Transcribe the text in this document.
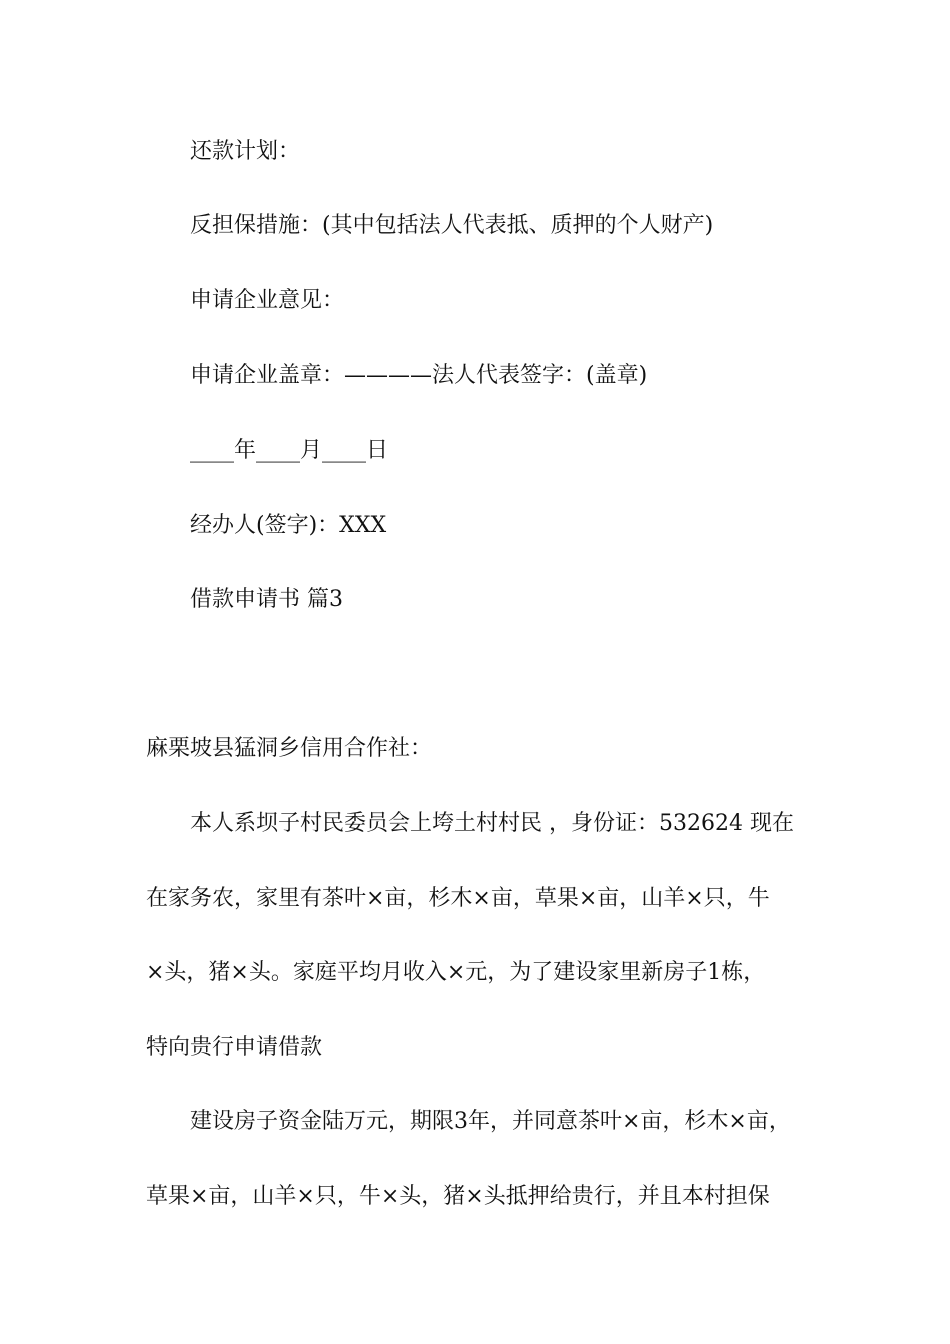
还款计划：
反担保措施：(其中包括法人代表抵、质押的个人财产)
申请企业意见：
申请企业盖章：————法人代表签字：(盖章)
____年____月____日
经办人(签字)：XXX
借款申请书 篇3
麻栗坡县猛洞乡信用合作社：
本人系坝子村民委员会上垮土村村民 ，身份证：532624 现在
在家务农，家里有茶叶×亩，杉木×亩，草果×亩，山羊×只，牛
×头，猪×头。家庭平均月收入×元，为了建设家里新房子1栋，
特向贵行申请借款
建设房子资金陆万元，期限3年，并同意茶叶×亩，杉木×亩，
草果×亩，山羊×只，牛×头，猪×头抵押给贵行，并且本村担保
